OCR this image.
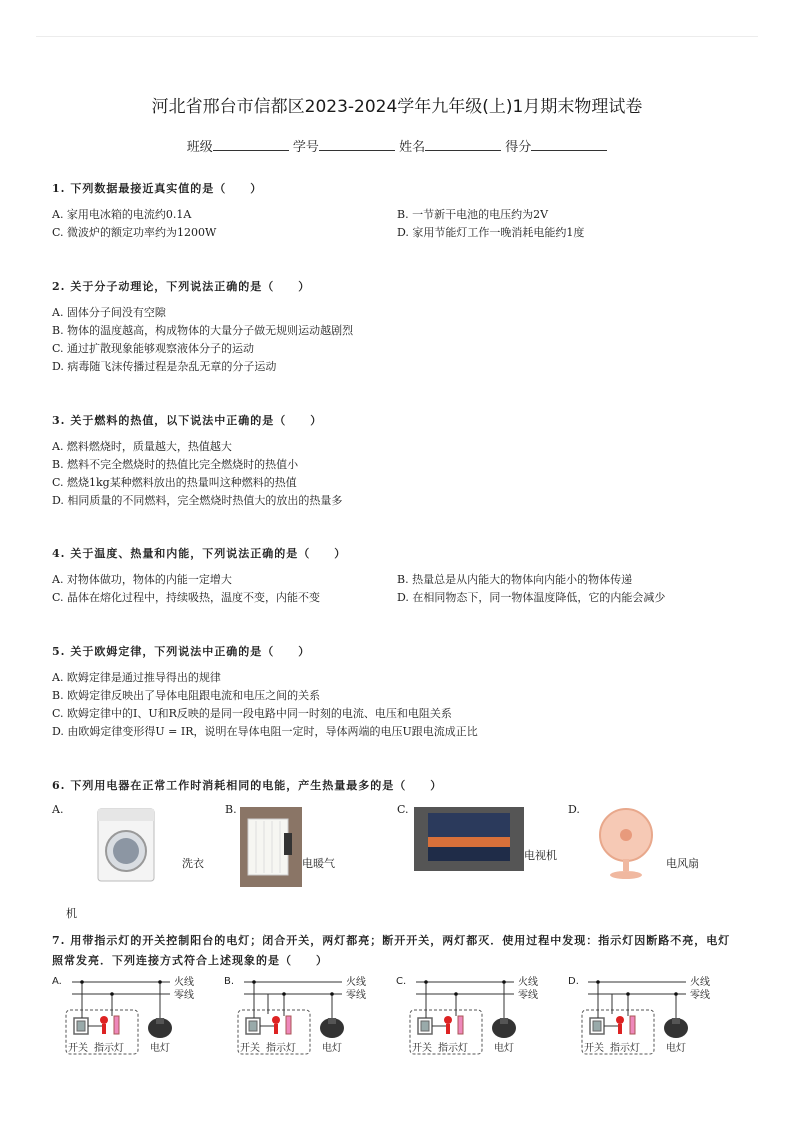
河北省邢台市信都区2023-2024学年九年级(上)1月期末物理试卷
班级	学号	姓名	得分
1. 下列数据最接近真实值的是（　　）
A. 家用电冰箱的电流约0.1A	B. 一节新干电池的电压约为2V
C. 微波炉的额定功率约为1200W	D. 家用节能灯工作一晚消耗电能约1度
2. 关于分子动理论，下列说法正确的是（　　）
A. 固体分子间没有空隙
B. 物体的温度越高，构成物体的大量分子做无规则运动越剧烈
C. 通过扩散现象能够观察液体分子的运动
D. 病毒随飞沫传播过程是杂乱无章的分子运动
3. 关于燃料的热值，以下说法中正确的是（　　）
A. 燃料燃烧时，质量越大，热值越大
B. 燃料不完全燃烧时的热值比完全燃烧时的热值小
C. 燃烧1kg某种燃料放出的热量叫这种燃料的热值
D. 相同质量的不同燃料，完全燃烧时热值大的放出的热量多
4. 关于温度、热量和内能，下列说法正确的是（　　）
A. 对物体做功，物体的内能一定增大	B. 热量总是从内能大的物体向内能小的物体传递
C. 晶体在熔化过程中，持续吸热，温度不变，内能不变	D. 在相同物态下，同一物体温度降低，它的内能会减少
5. 关于欧姆定律，下列说法中正确的是（　　）
A. 欧姆定律是通过推导得出的规律
B. 欧姆定律反映出了导体电阻跟电流和电压之间的关系
C. 欧姆定律中的I、U和R反映的是同一段电路中同一时刻的电流、电压和电阻关系
D. 由欧姆定律变形得U = IR，说明在导体电阻一定时，导体两端的电压U跟电流成正比
6. 下列用电器在正常工作时消耗相同的电能，产生热量最多的是（　　）
A.
洗衣
机
B.
电暖气
C.
电视机
D.
电风扇
7. 用带指示灯的开关控制阳台的电灯；闭合开关，两灯都亮；断开开关，两灯都灭．使用过程中发现：指示灯因断路不亮，电灯
照常发亮．下列连接方式符合上述现象的是（　　）
A.	火线
零线
开关 指示灯	电灯
B.	火线
零线
开关 指示灯	电灯
C.	火线
零线
开关 指示灯	电灯
D.	火线
零线
开关 指示灯	电灯
